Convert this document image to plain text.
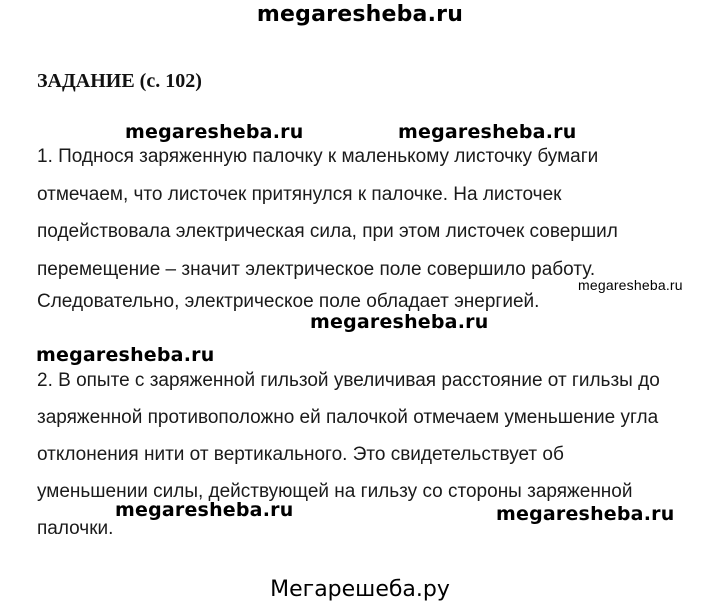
megaresheba.ru
ЗАДАНИЕ (с. 102)
megaresheba.ru	megaresheba.ru
1. Поднося заряженную палочку к маленькому листочку бумаги
отмечаем, что листочек притянулся к палочке. На листочек
подействовала электрическая сила, при этом листочек совершил
перемещение – значит электрическое поле совершило работу.
Следовательно, электрическое поле обладает энергией.
megaresheba.ru
megaresheba.ru
megaresheba.ru
2. В опыте с заряженной гильзой увеличивая расстояние от гильзы до
заряженной противоположно ей палочкой отмечаем уменьшение угла
отклонения нити от вертикального. Это свидетельствует об
уменьшении силы, действующей на гильзу со стороны заряженной
палочки.
megaresheba.ru	megaresheba.ru
Мегарешеба.ру
